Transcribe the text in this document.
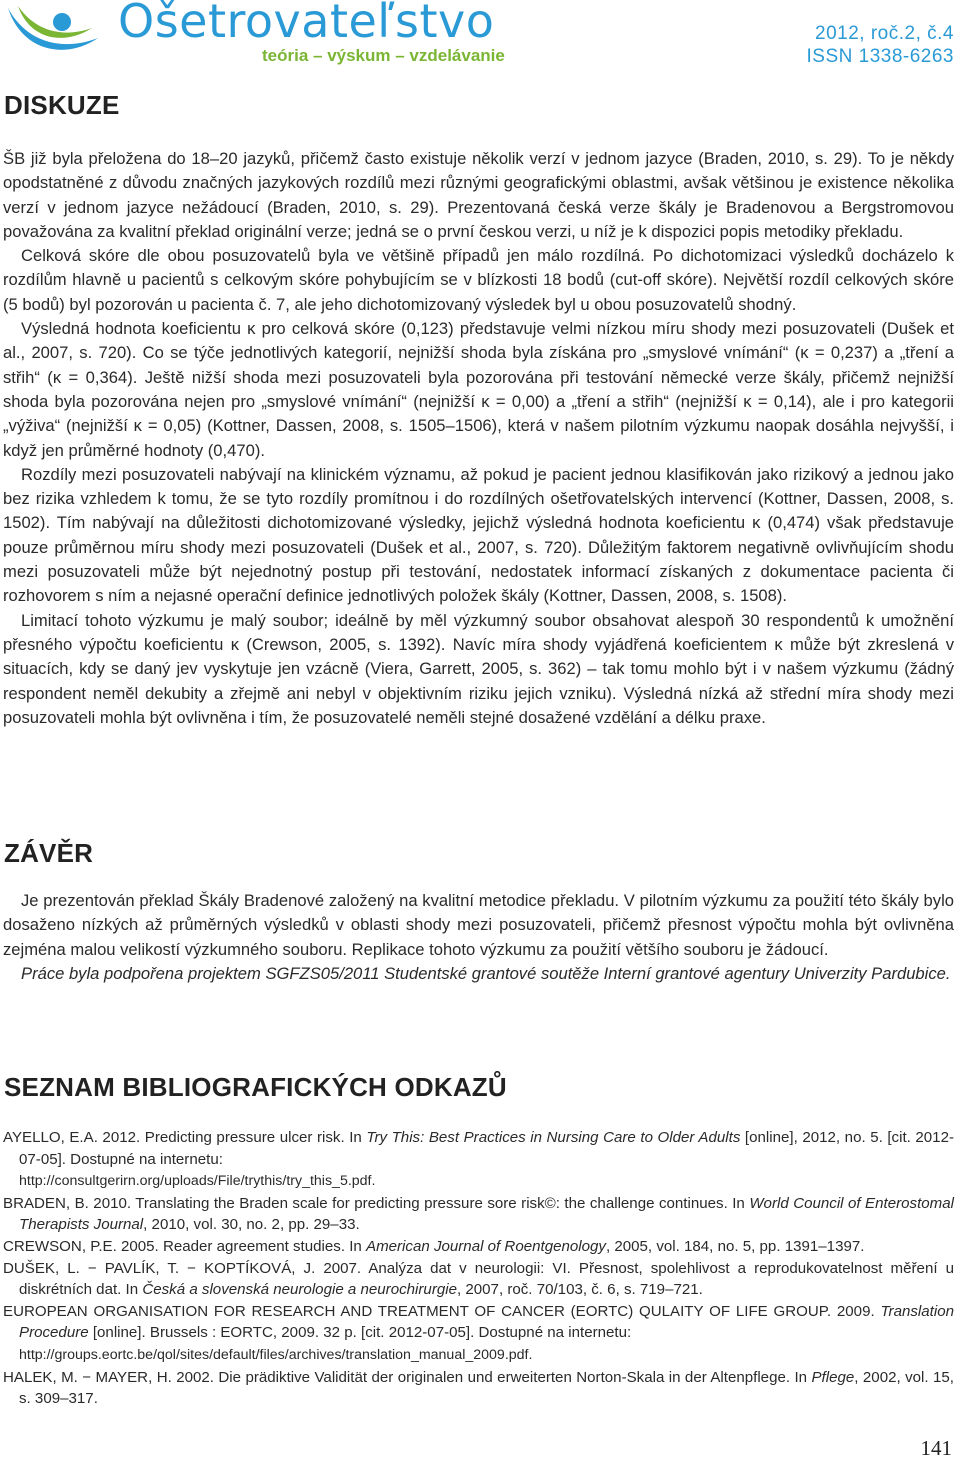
Ošetrovateľstvo
teória – výskum – vzdelávanie
2012, roč.2, č.4
ISSN 1338-6263
DISKUZE

ŠB již byla přeložena do 18–20 jazyků, přičemž často existuje několik verzí v jednom jazyce (Braden, 2010, s. 29). To je někdy opodstatněné z důvodu značných jazykových rozdílů mezi různými geografickými oblastmi, avšak většinou je existence několika verzí v jednom jazyce nežádoucí (Braden, 2010, s. 29). Prezentovaná česká verze škály je Bradenovou a Bergstromovou považována za kvalitní překlad originální verze; jedná se o první českou verzi, u níž je k dispozici popis metodiky překladu.

Celková skóre dle obou posuzovatelů byla ve většině případů jen málo rozdílná. Po dichotomizaci výsledků docházelo k rozdílům hlavně u pacientů s celkovým skóre pohybujícím se v blízkosti 18 bodů (cut-off skóre). Největší rozdíl celkových skóre (5 bodů) byl pozorován u pacienta č. 7, ale jeho dichotomizovaný výsledek byl u obou posuzovatelů shodný.

Výsledná hodnota koeficientu κ pro celková skóre (0,123) představuje velmi nízkou míru shody mezi posuzovateli (Dušek et al., 2007, s. 720). Co se týče jednotlivých kategorií, nejnižší shoda byla získána pro „smyslové vnímání“ (κ = 0,237) a „tření a střih“ (κ = 0,364). Ještě nižší shoda mezi posuzovateli byla pozorována při testování německé verze škály, přičemž nejnižší shoda byla pozorována nejen pro „smyslové vnímání“ (nejnižší κ = 0,00) a „tření a střih“ (nejnižší κ = 0,14), ale i pro kategorii „výživa“ (nejnižší κ = 0,05) (Kottner, Dassen, 2008, s. 1505–1506), která v našem pilotním výzkumu naopak dosáhla nejvyšší, i když jen průměrné hodnoty (0,470).

Rozdíly mezi posuzovateli nabývají na klinickém významu, až pokud je pacient jednou klasifikován jako rizikový a jednou jako bez rizika vzhledem k tomu, že se tyto rozdíly promítnou i do rozdílných ošetřovatelských intervencí (Kottner, Dassen, 2008, s. 1502). Tím nabývají na důležitosti dichotomizované výsledky, jejichž výsledná hodnota koeficientu κ (0,474) však představuje pouze průměrnou míru shody mezi posuzovateli (Dušek et al., 2007, s. 720). Důležitým faktorem negativně ovlivňujícím shodu mezi posuzovateli může být nejednotný postup při testování, nedostatek informací získaných z dokumentace pacienta či rozhovorem s ním a nejasné operační definice jednotlivých položek škály (Kottner, Dassen, 2008, s. 1508).

Limitací tohoto výzkumu je malý soubor; ideálně by měl výzkumný soubor obsahovat alespoň 30 respondentů k umožnění přesného výpočtu koeficientu κ (Crewson, 2005, s. 1392). Navíc míra shody vyjádřená koeficientem κ může být zkreslená v situacích, kdy se daný jev vyskytuje jen vzácně (Viera, Garrett, 2005, s. 362) – tak tomu mohlo být i v našem výzkumu (žádný respondent neměl dekubity a zřejmě ani nebyl v objektivním riziku jejich vzniku). Výsledná nízká až střední míra shody mezi posuzovateli mohla být ovlivněna i tím, že posuzovatelé neměli stejné dosažené vzdělání a délku praxe.

ZÁVĚR

Je prezentován překlad Škály Bradenové založený na kvalitní metodice překladu. V pilotním výzkumu za použití této škály bylo dosaženo nízkých až průměrných výsledků v oblasti shody mezi posuzovateli, přičemž přesnost výpočtu mohla být ovlivněna zejména malou velikostí výzkumného souboru. Replikace tohoto výzkumu za použití většího souboru je žádoucí.

Práce byla podpořena projektem SGFZS05/2011 Studentské grantové soutěže Interní grantové agentury Univerzity Pardubice.

SEZNAM BIBLIOGRAFICKÝCH ODKAZŮ

AYELLO, E.A. 2012. Predicting pressure ulcer risk. In Try This: Best Practices in Nursing Care to Older Adults [online], 2012, no. 5. [cit. 2012-07-05]. Dostupné na internetu:
http://consultgerirn.org/uploads/File/trythis/try_this_5.pdf.

BRADEN, B. 2010. Translating the Braden scale for predicting pressure sore risk©: the challenge continues. In World Council of Enterostomal Therapists Journal, 2010, vol. 30, no. 2, pp. 29–33.

CREWSON, P.E. 2005. Reader agreement studies. In American Journal of Roentgenology, 2005, vol. 184, no. 5, pp. 1391–1397.

DUŠEK, L. − PAVLÍK, T. − KOPTÍKOVÁ, J. 2007. Analýza dat v neurologii: VI. Přesnost, spolehlivost a reprodukovatelnost měření u diskrétních dat. In Česká a slovenská neurologie a neurochirurgie, 2007, roč. 70/103, č. 6, s. 719–721.

EUROPEAN ORGANISATION FOR RESEARCH AND TREATMENT OF CANCER (EORTC) QULAITY OF LIFE GROUP. 2009. Translation Procedure [online]. Brussels : EORTC, 2009. 32 p. [cit. 2012-07-05]. Dostupné na internetu:
http://groups.eortc.be/qol/sites/default/files/archives/translation_manual_2009.pdf.

HALEK, M. − MAYER, H. 2002. Die prädiktive Validität der originalen und erweiterten Norton-Skala in der Altenpflege. In Pflege, 2002, vol. 15, s. 309–317.

141
